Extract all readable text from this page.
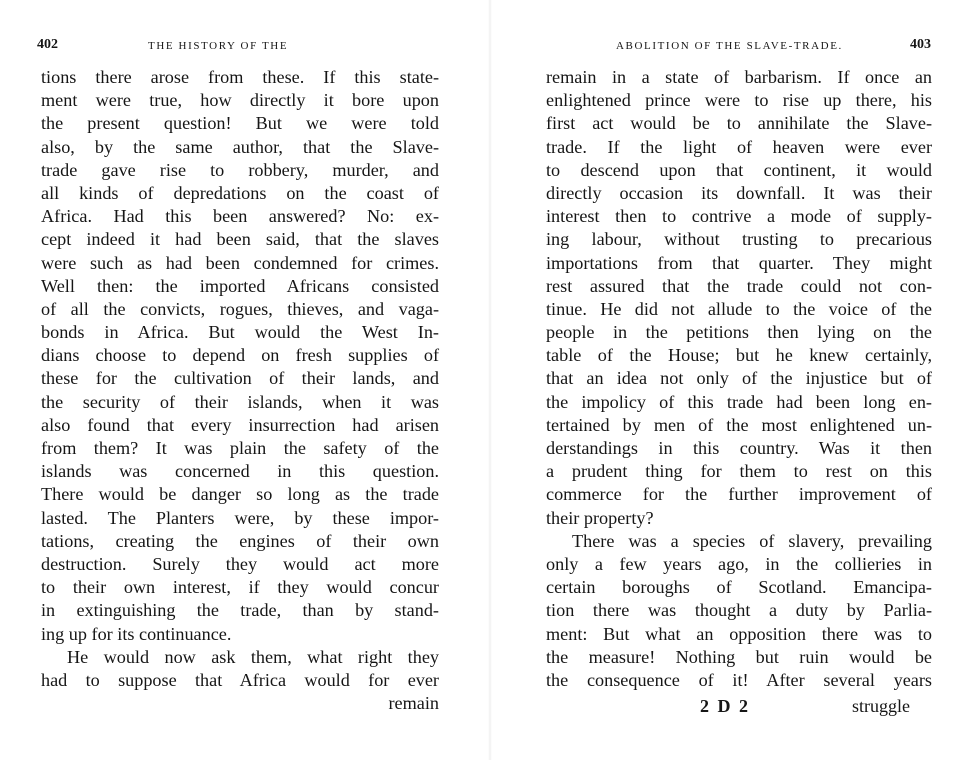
402	THE HISTORY OF THE
tions there arose from these. If this state-
ment were true, how directly it bore upon
the present question! But we were told
also, by the same author, that the Slave-
trade gave rise to robbery, murder, and
all kinds of depredations on the coast of
Africa. Had this been answered? No: ex-
cept indeed it had been said, that the slaves
were such as had been condemned for crimes.
Well then: the imported Africans consisted
of all the convicts, rogues, thieves, and vaga-
bonds in Africa. But would the West In-
dians choose to depend on fresh supplies of
these for the cultivation of their lands, and
the security of their islands, when it was
also found that every insurrection had arisen
from them? It was plain the safety of the
islands was concerned in this question.
There would be danger so long as the trade
lasted. The Planters were, by these impor-
tations, creating the engines of their own
destruction. Surely they would act more
to their own interest, if they would concur
in extinguishing the trade, than by stand-
ing up for its continuance.
He would now ask them, what right they
had to suppose that Africa would for ever
remain
ABOLITION OF THE SLAVE-TRADE.	403
remain in a state of barbarism. If once an
enlightened prince were to rise up there, his
first act would be to annihilate the Slave-
trade. If the light of heaven were ever
to descend upon that continent, it would
directly occasion its downfall. It was their
interest then to contrive a mode of supply-
ing labour, without trusting to precarious
importations from that quarter. They might
rest assured that the trade could not con-
tinue. He did not allude to the voice of the
people in the petitions then lying on the
table of the House; but he knew certainly,
that an idea not only of the injustice but of
the impolicy of this trade had been long en-
tertained by men of the most enlightened un-
derstandings in this country. Was it then
a prudent thing for them to rest on this
commerce for the further improvement of
their property?
There was a species of slavery, prevailing
only a few years ago, in the collieries in
certain boroughs of Scotland. Emancipa-
tion there was thought a duty by Parlia-
ment: But what an opposition there was to
the measure! Nothing but ruin would be
the consequence of it! After several years
2 D 2	struggle
